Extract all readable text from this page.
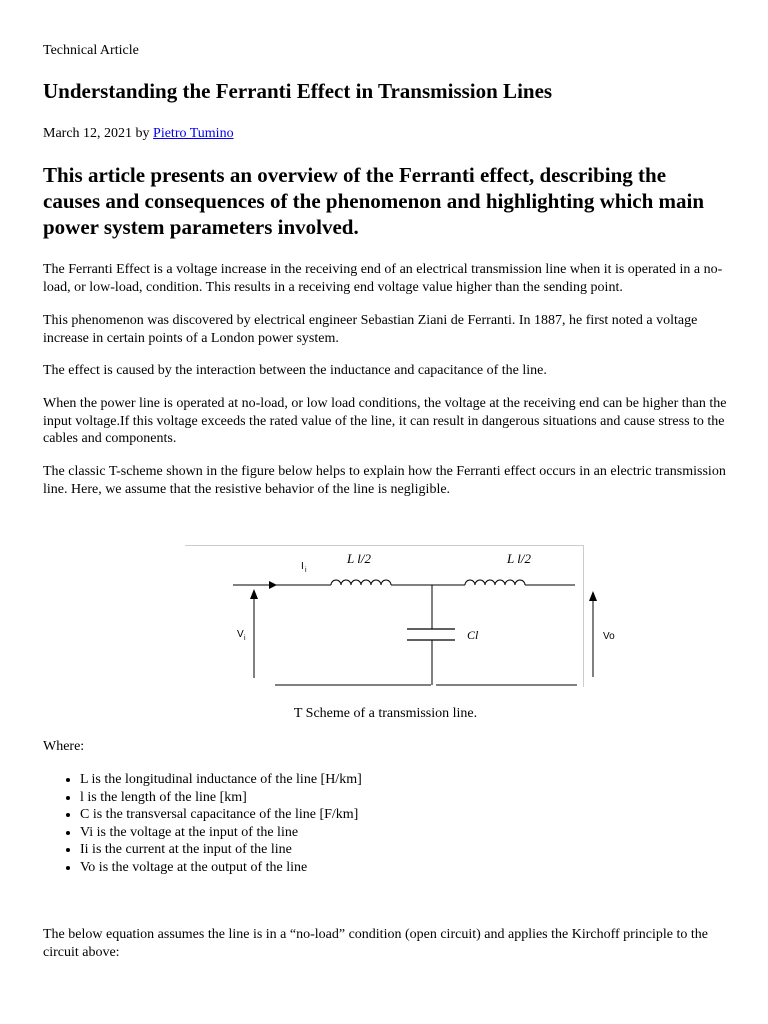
Technical Article
Understanding the Ferranti Effect in Transmission Lines
March 12, 2021 by Pietro Tumino
This article presents an overview of the Ferranti effect, describing the causes and consequences of the phenomenon and highlighting which main power system parameters involved.

The Ferranti Effect is a voltage increase in the receiving end of an electrical transmission line when it is operated in a no-load, or low-load, condition. This results in a receiving end voltage value higher than the sending point.

This phenomenon was discovered by electrical engineer Sebastian Ziani de Ferranti. In 1887, he first noted a voltage increase in certain points of a London power system.

The effect is caused by the interaction between the inductance and capacitance of the line.

When the power line is operated at no-load, or low load conditions, the voltage at the receiving end can be higher than the input voltage.If this voltage exceeds the rated value of the line, it can result in dangerous situations and cause stress to the cables and components.

The classic T-scheme shown in the figure below helps to explain how the Ferranti effect occurs in an electric transmission line. Here, we assume that the resistive behavior of the line is negligible.

L l/2	L l/2
I i
Cl
V i	Vo
T Scheme of a transmission line.
Where:
• L is the longitudinal inductance of the line [H/km]
• l is the length of the line [km]
• C is the transversal capacitance of the line [F/km]
• Vi is the voltage at the input of the line
• Ii is the current at the input of the line
• Vo is the voltage at the output of the line

The below equation assumes the line is in a “no-load” condition (open circuit) and applies the Kirchoff principle to the circuit above:
